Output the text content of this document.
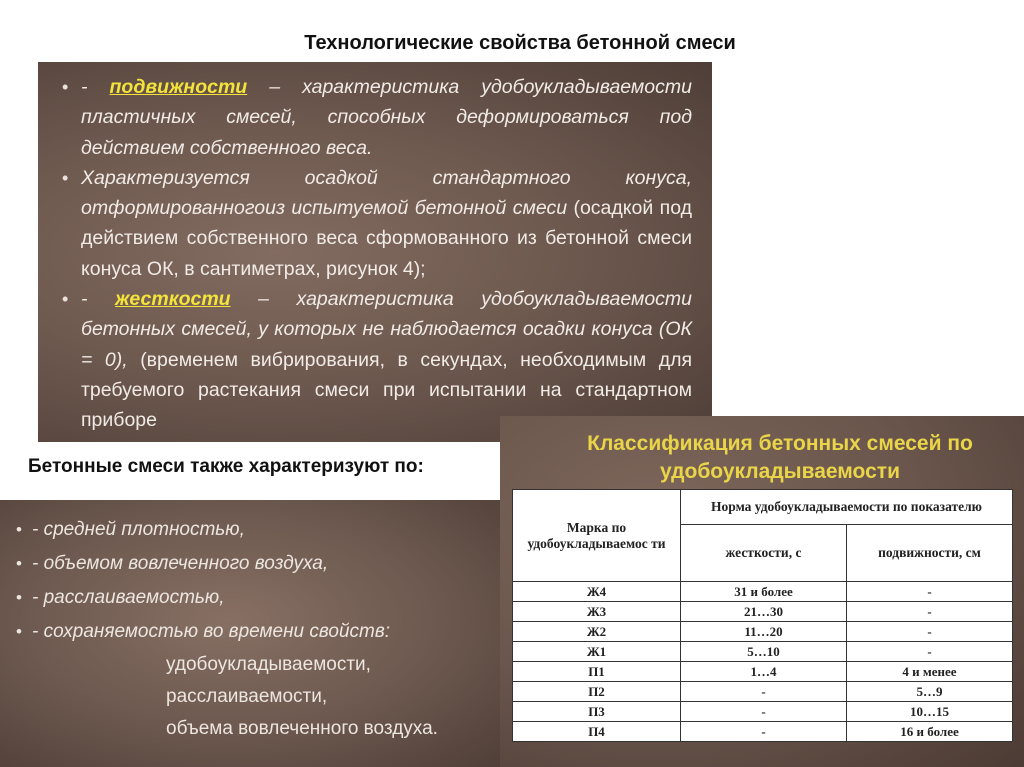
Технологические свойства бетонной смеси
• - подвижности – характеристика удобоукладываемости пластичных смесей, способных деформироваться под действием собственного веса.
• Характеризуется осадкой стандартного конуса, отформированногоиз испытуемой бетонной смеси (осадкой под действием собственного веса сформованного из бетонной смеси конуса ОК, в сантиметрах, рисунок 4);
• - жесткости – характеристика удобоукладываемости бетонных смесей, у которых не наблюдается осадки конуса (ОК = 0), (временем вибрирования, в секундах, необходимым для требуемого растекания смеси при испытании на стандартном приборе
Бетонные смеси также характеризуют по:
• - средней плотностью,
• - объемом вовлеченного воздуха,
• - расслаиваемостью,
• - сохраняемостью во времени свойств:
удобоукладываемости,
расслаиваемости,
объема вовлеченного воздуха.
Классификация бетонных смесей по удобоукладываемости
Марка по удобоукладываемос ти	Норма удобоукладываемости по показателю	
	жесткости, с	подвижности, см
Ж4	31 и более	-
Ж3	21…30	-
Ж2	11…20	-
Ж1	5…10	-
П1	1…4	4 и менее
П2	-	5…9
П3	-	10…15
П4	-	16 и более
